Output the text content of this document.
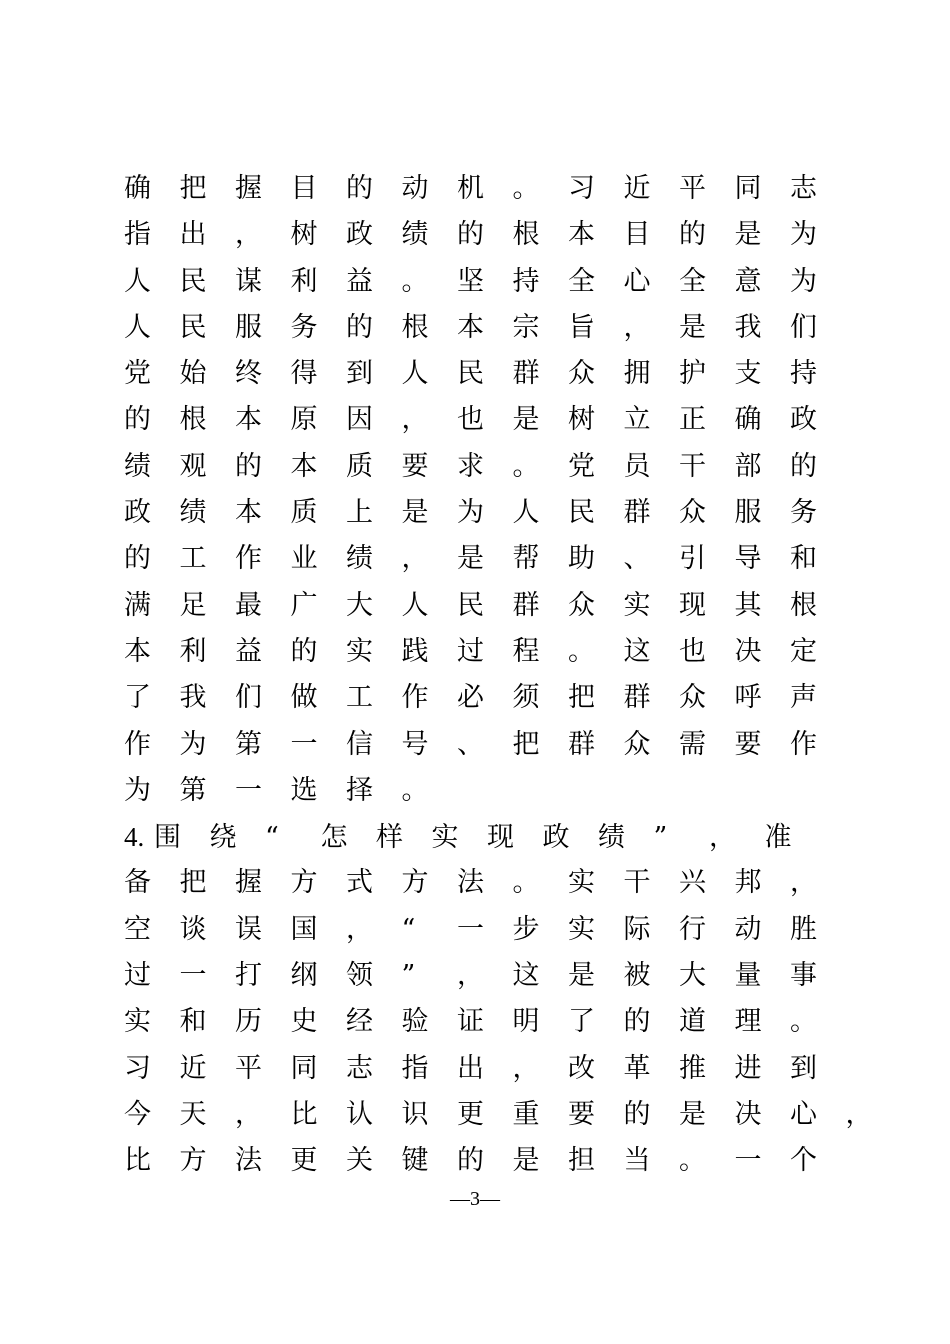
确 把 握 目 的 动 机 。 习 近 平 同 志
指 出 ， 树 政 绩 的 根 本 目 的 是 为
人 民 谋 利 益 。 坚 持 全 心 全 意 为
人 民 服 务 的 根 本 宗 旨 ， 是 我 们
党 始 终 得 到 人 民 群 众 拥 护 支 持
的 根 本 原 因 ， 也 是 树 立 正 确 政
绩 观 的 本 质 要 求 。 党 员 干 部 的
政 绩 本 质 上 是 为 人 民 群 众 服 务
的 工 作 业 绩 ， 是 帮 助 、 引 导 和
满 足 最 广 大 人 民 群 众 实 现 其 根
本 利 益 的 实 践 过 程 。 这 也 决 定
了 我 们 做 工 作 必 须 把 群 众 呼 声
作 为 第 一 信 号 、 把 群 众 需 要 作
为 第 一 选 择 。
4. 围 绕 “ 怎 样 实 现 政 绩 ” ， 准
备 把 握 方 式 方 法 。 实 干 兴 邦 ，
空 谈 误 国 ， “ 一 步 实 际 行 动 胜
过 一 打 纲 领 ” ， 这 是 被 大 量 事
实 和 历 史 经 验 证 明 了 的 道 理 。
习 近 平 同 志 指 出 ， 改 革 推 进 到
今 天 ， 比 认 识 更 重 要 的 是 决 心 ，
比 方 法 更 关 键 的 是 担 当 。 一 个
—3—
